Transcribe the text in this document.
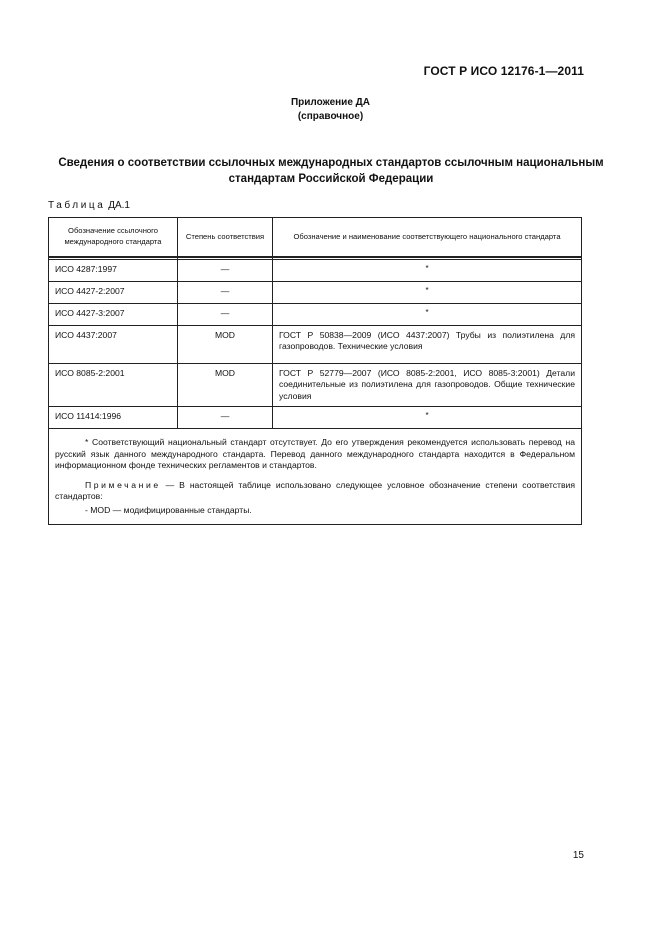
ГОСТ Р ИСО 12176-1—2011
Приложение ДА
(справочное)
Сведения о соответствии ссылочных международных стандартов ссылочным национальным
стандартам Российской Федерации
Таблица ДА.1
Обозначение ссылочного международного стандарта	Степень соответствия	Обозначение и наименование соответствующего национального стандарта

ИСО 4287:1997	—	*
ИСО 4427-2:2007	—	*
ИСО 4427-3:2007	—	*
ИСО 4437:2007	MOD	ГОСТ Р 50838—2009 (ИСО 4437:2007) Трубы из полиэтилена для газопроводов. Технические условия
ИСО 8085-2:2001	MOD	ГОСТ Р 52779—2007 (ИСО 8085-2:2001, ИСО 8085-3:2001) Детали соединительные из полиэтилена для газопроводов. Общие технические условия
ИСО 11414:1996	—	*

* Соответствующий национальный стандарт отсутствует. До его утверждения рекомендуется использовать перевод на русский язык данного международного стандарта. Перевод данного международного стандарта находится в Федеральном информационном фонде технических регламентов и стандартов.

Примечание — В настоящей таблице использовано следующее условное обозначение степени соответствия стандартов:

- MOD — модифицированные стандарты.		

15
